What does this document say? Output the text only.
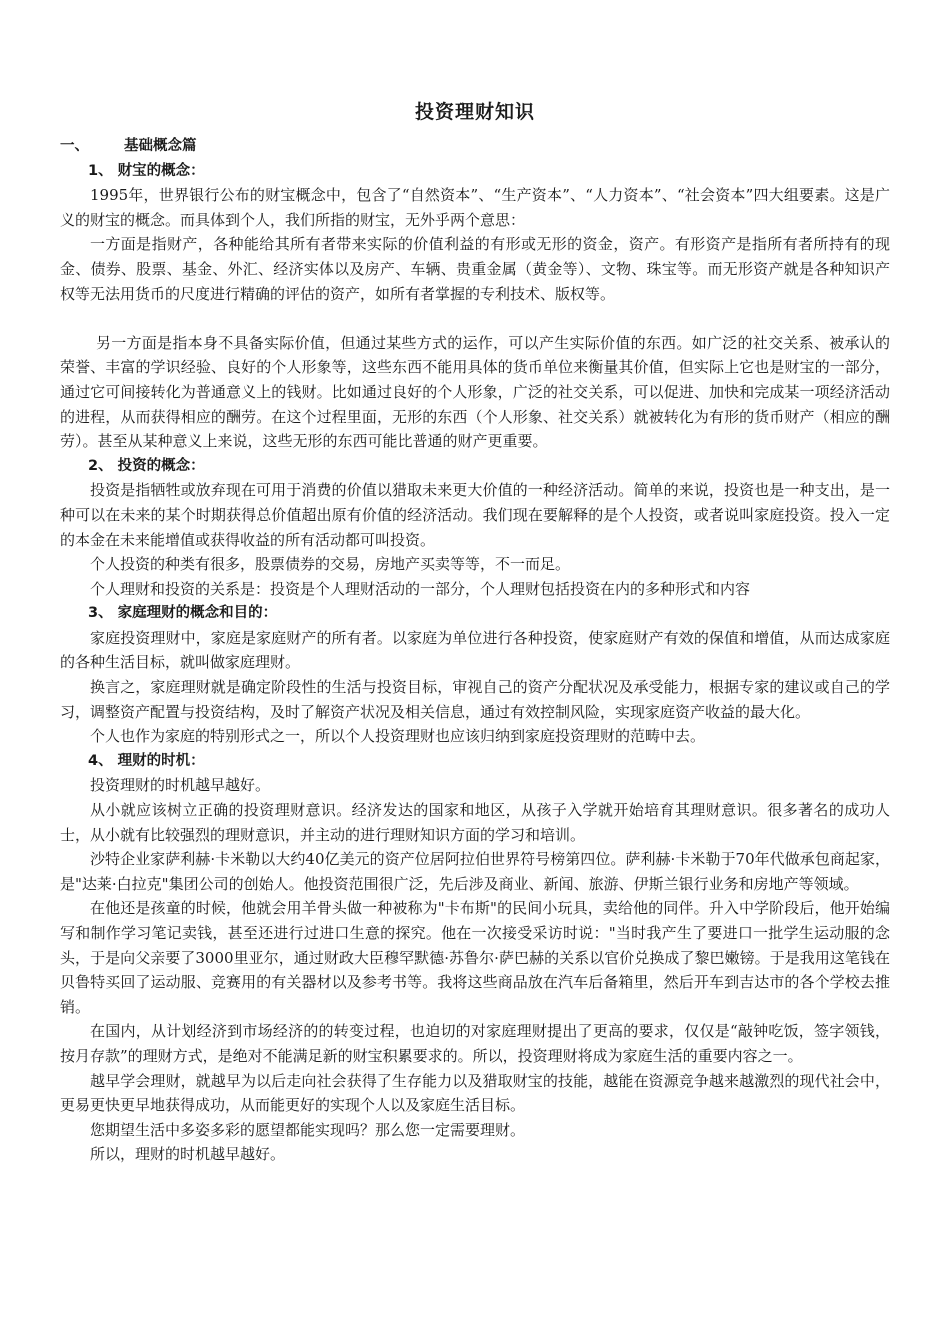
投资理财知识
一、 基础概念篇
1、 财宝的概念：

1995年，世界银行公布的财宝概念中，包含了“自然资本”、“生产资本”、“人力资本”、“社会资本”四大组要素。这是广义的财宝的概念。而具体到个人，我们所指的财宝，无外乎两个意思：

一方面是指财产，各种能给其所有者带来实际的价值利益的有形或无形的资金，资产。有形资产是指所有者所持有的现金、债券、股票、基金、外汇、经济实体以及房产、车辆、贵重金属（黄金等）、文物、珠宝等。而无形资产就是各种知识产权等无法用货币的尺度进行精确的评估的资产，如所有者掌握的专利技术、版权等。

另一方面是指本身不具备实际价值，但通过某些方式的运作，可以产生实际价值的东西。如广泛的社交关系、被承认的荣誉、丰富的学识经验、良好的个人形象等，这些东西不能用具体的货币单位来衡量其价值，但实际上它也是财宝的一部分，通过它可间接转化为普通意义上的钱财。比如通过良好的个人形象，广泛的社交关系，可以促进、加快和完成某一项经济活动的进程，从而获得相应的酬劳。在这个过程里面，无形的东西（个人形象、社交关系）就被转化为有形的货币财产（相应的酬劳）。甚至从某种意义上来说，这些无形的东西可能比普通的财产更重要。

2、 投资的概念：

投资是指牺牲或放弃现在可用于消费的价值以猎取未来更大价值的一种经济活动。简单的来说，投资也是一种支出，是一种可以在未来的某个时期获得总价值超出原有价值的经济活动。我们现在要解释的是个人投资，或者说叫家庭投资。投入一定的本金在未来能增值或获得收益的所有活动都可叫投资。

个人投资的种类有很多，股票债券的交易，房地产买卖等等，不一而足。

个人理财和投资的关系是：投资是个人理财活动的一部分，个人理财包括投资在内的多种形式和内容

3、 家庭理财的概念和目的：

家庭投资理财中，家庭是家庭财产的所有者。以家庭为单位进行各种投资，使家庭财产有效的保值和增值，从而达成家庭的各种生活目标，就叫做家庭理财。

换言之，家庭理财就是确定阶段性的生活与投资目标，审视自己的资产分配状况及承受能力，根据专家的建议或自己的学习，调整资产配置与投资结构，及时了解资产状况及相关信息，通过有效控制风险，实现家庭资产收益的最大化。

个人也作为家庭的特别形式之一，所以个人投资理财也应该归纳到家庭投资理财的范畴中去。

4、 理财的时机：

投资理财的时机越早越好。

从小就应该树立正确的投资理财意识。经济发达的国家和地区，从孩子入学就开始培育其理财意识。很多著名的成功人士，从小就有比较强烈的理财意识，并主动的进行理财知识方面的学习和培训。

沙特企业家萨利赫·卡米勒以大约40亿美元的资产位居阿拉伯世界符号榜第四位。萨利赫·卡米勒于70年代做承包商起家，是"达莱·白拉克"集团公司的创始人。他投资范围很广泛，先后涉及商业、新闻、旅游、伊斯兰银行业务和房地产等领域。

在他还是孩童的时候，他就会用羊骨头做一种被称为"卡布斯"的民间小玩具，卖给他的同伴。升入中学阶段后，他开始编写和制作学习笔记卖钱，甚至还进行过进口生意的探究。他在一次接受采访时说："当时我产生了要进口一批学生运动服的念头，于是向父亲要了3000里亚尔，通过财政大臣穆罕默德·苏鲁尔·萨巴赫的关系以官价兑换成了黎巴嫩镑。于是我用这笔钱在贝鲁特买回了运动服、竞赛用的有关器材以及参考书等。我将这些商品放在汽车后备箱里，然后开车到吉达市的各个学校去推销。

在国内，从计划经济到市场经济的的转变过程，也迫切的对家庭理财提出了更高的要求，仅仅是“敲钟吃饭，签字领钱，按月存款”的理财方式，是绝对不能满足新的财宝积累要求的。所以，投资理财将成为家庭生活的重要内容之一。

越早学会理财，就越早为以后走向社会获得了生存能力以及猎取财宝的技能，越能在资源竞争越来越激烈的现代社会中，更易更快更早地获得成功，从而能更好的实现个人以及家庭生活目标。

您期望生活中多姿多彩的愿望都能实现吗？那么您一定需要理财。

所以，理财的时机越早越好。
